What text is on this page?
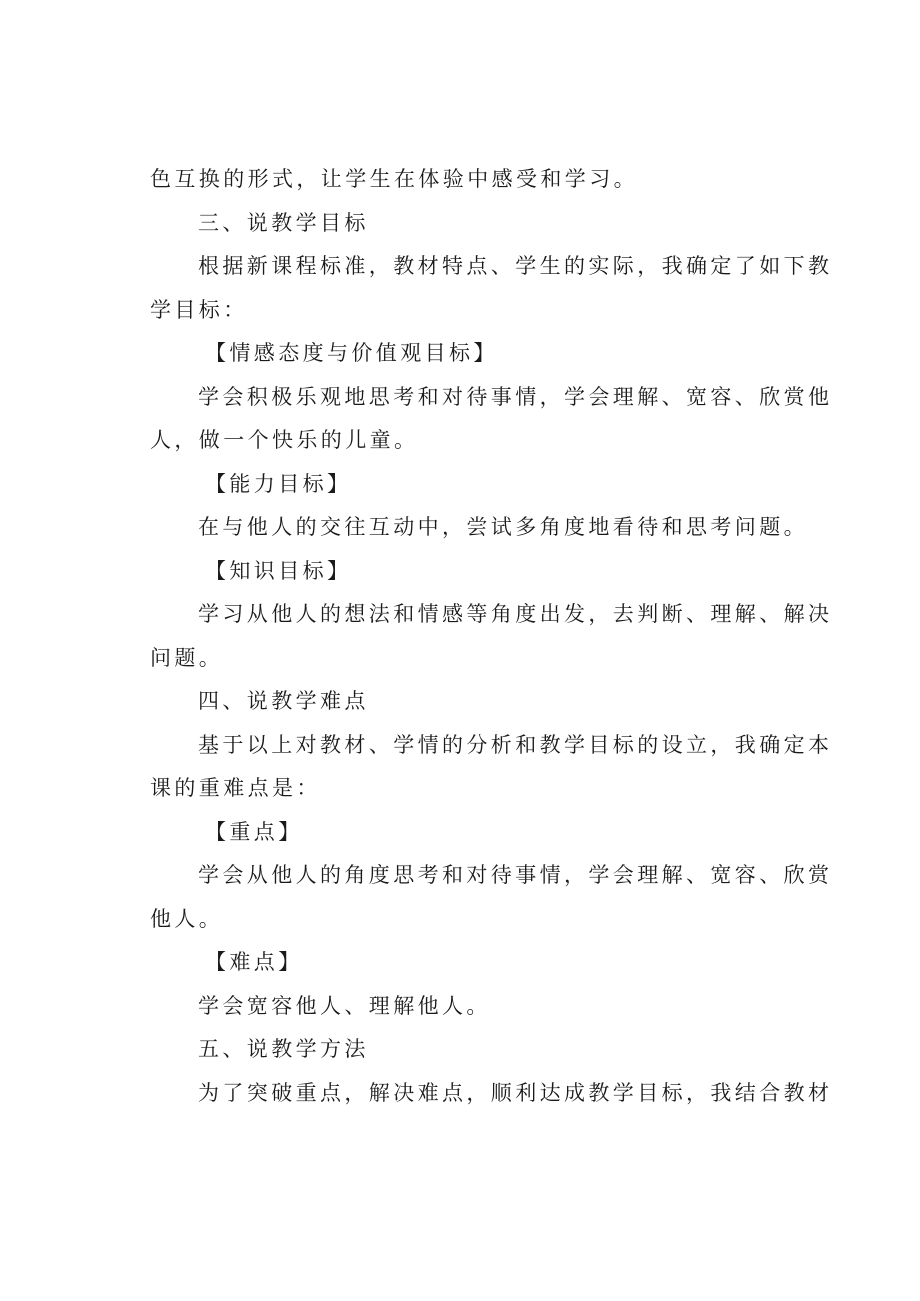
色互换的形式，让学生在体验中感受和学习。
三、说教学目标
根据新课程标准，教材特点、学生的实际，我确定了如下教
学目标：
【情感态度与价值观目标】
学会积极乐观地思考和对待事情，学会理解、宽容、欣赏他
人，做一个快乐的儿童。
【能力目标】
在与他人的交往互动中，尝试多角度地看待和思考问题。
【知识目标】
学习从他人的想法和情感等角度出发，去判断、理解、解决
问题。
四、说教学难点
基于以上对教材、学情的分析和教学目标的设立，我确定本
课的重难点是：
【重点】
学会从他人的角度思考和对待事情，学会理解、宽容、欣赏
他人。
【难点】
学会宽容他人、理解他人。
五、说教学方法
为了突破重点，解决难点，顺利达成教学目标，我结合教材
